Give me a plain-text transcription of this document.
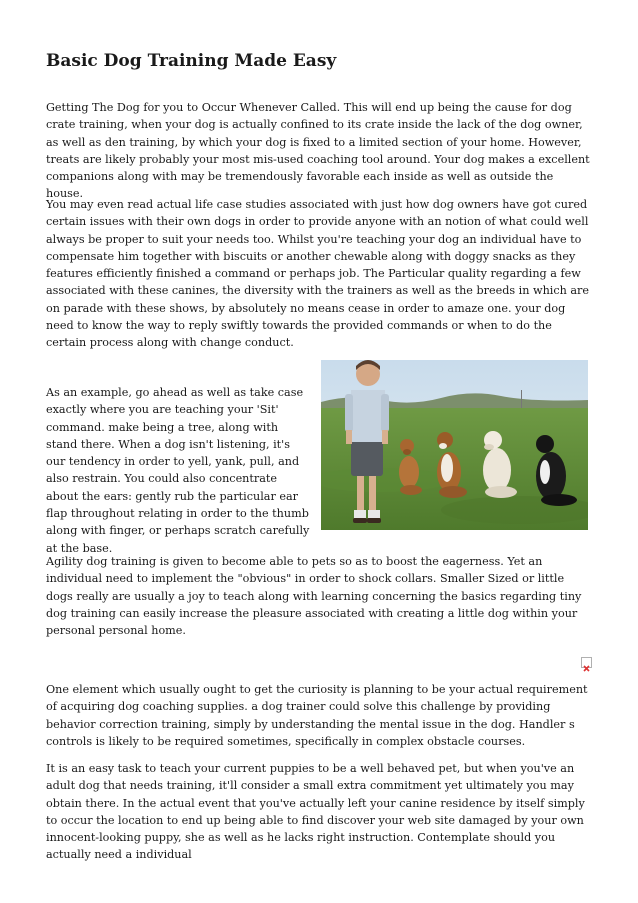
Basic Dog Training Made Easy

Getting The Dog for you to Occur Whenever Called. This will end up being the cause for dog crate training, when your dog is actually confined to its crate inside the lack of the dog owner, as well as den training, by which your dog is fixed to a limited section of your home. However, treats are likely probably your most mis-used coaching tool around. Your dog makes a excellent companions along with may be tremendously favorable each inside as well as outside the house.

You may even read actual life case studies associated with just how dog owners have got cured certain issues with their own dogs in order to provide anyone with an notion of what could well always be proper to suit your needs too. Whilst you're teaching your dog an individual have to compensate him together with biscuits or another chewable along with doggy snacks as they features efficiently finished a command or perhaps job. The Particular quality regarding a few associated with these canines, the diversity with the trainers as well as the breeds in which are on parade with these shows, by absolutely no means cease in order to amaze one. your dog need to know the way to reply swiftly towards the provided commands or when to do the certain process along with change conduct.

As an example, go ahead as well as take case exactly where you are teaching your 'Sit' command. make being a tree, along with stand there. When a dog isn't listening, it's our tendency in order to yell, yank, pull, and also restrain. You could also concentrate about the ears: gently rub the particular ear flap throughout relating in order to the thumb along with finger, or perhaps scratch carefully at the base.

Agility dog training is given to become able to pets so as to boost the eagerness. Yet an individual need to implement the "obvious" in order to shock collars. Smaller Sized or little dogs really are usually a joy to teach along with learning concerning the basics regarding tiny dog training can easily increase the pleasure associated with creating a little dog within your personal personal home.

One element which usually ought to get the curiosity is planning to be your actual requirement of acquiring dog coaching supplies. a dog trainer could solve this challenge by providing behavior correction training, simply by understanding the mental issue in the dog. Handler s controls is likely to be required sometimes, specifically in complex obstacle courses.

It is an easy task to teach your current puppies to be a well behaved pet, but when you've an adult dog that needs training, it'll consider a small extra commitment yet ultimately you may obtain there. In the actual event that you've actually left your canine residence by itself simply to occur the location to end up being able to find discover your web site damaged by your own innocent-looking puppy, she as well as he lacks right instruction. Contemplate should you actually need a individual
